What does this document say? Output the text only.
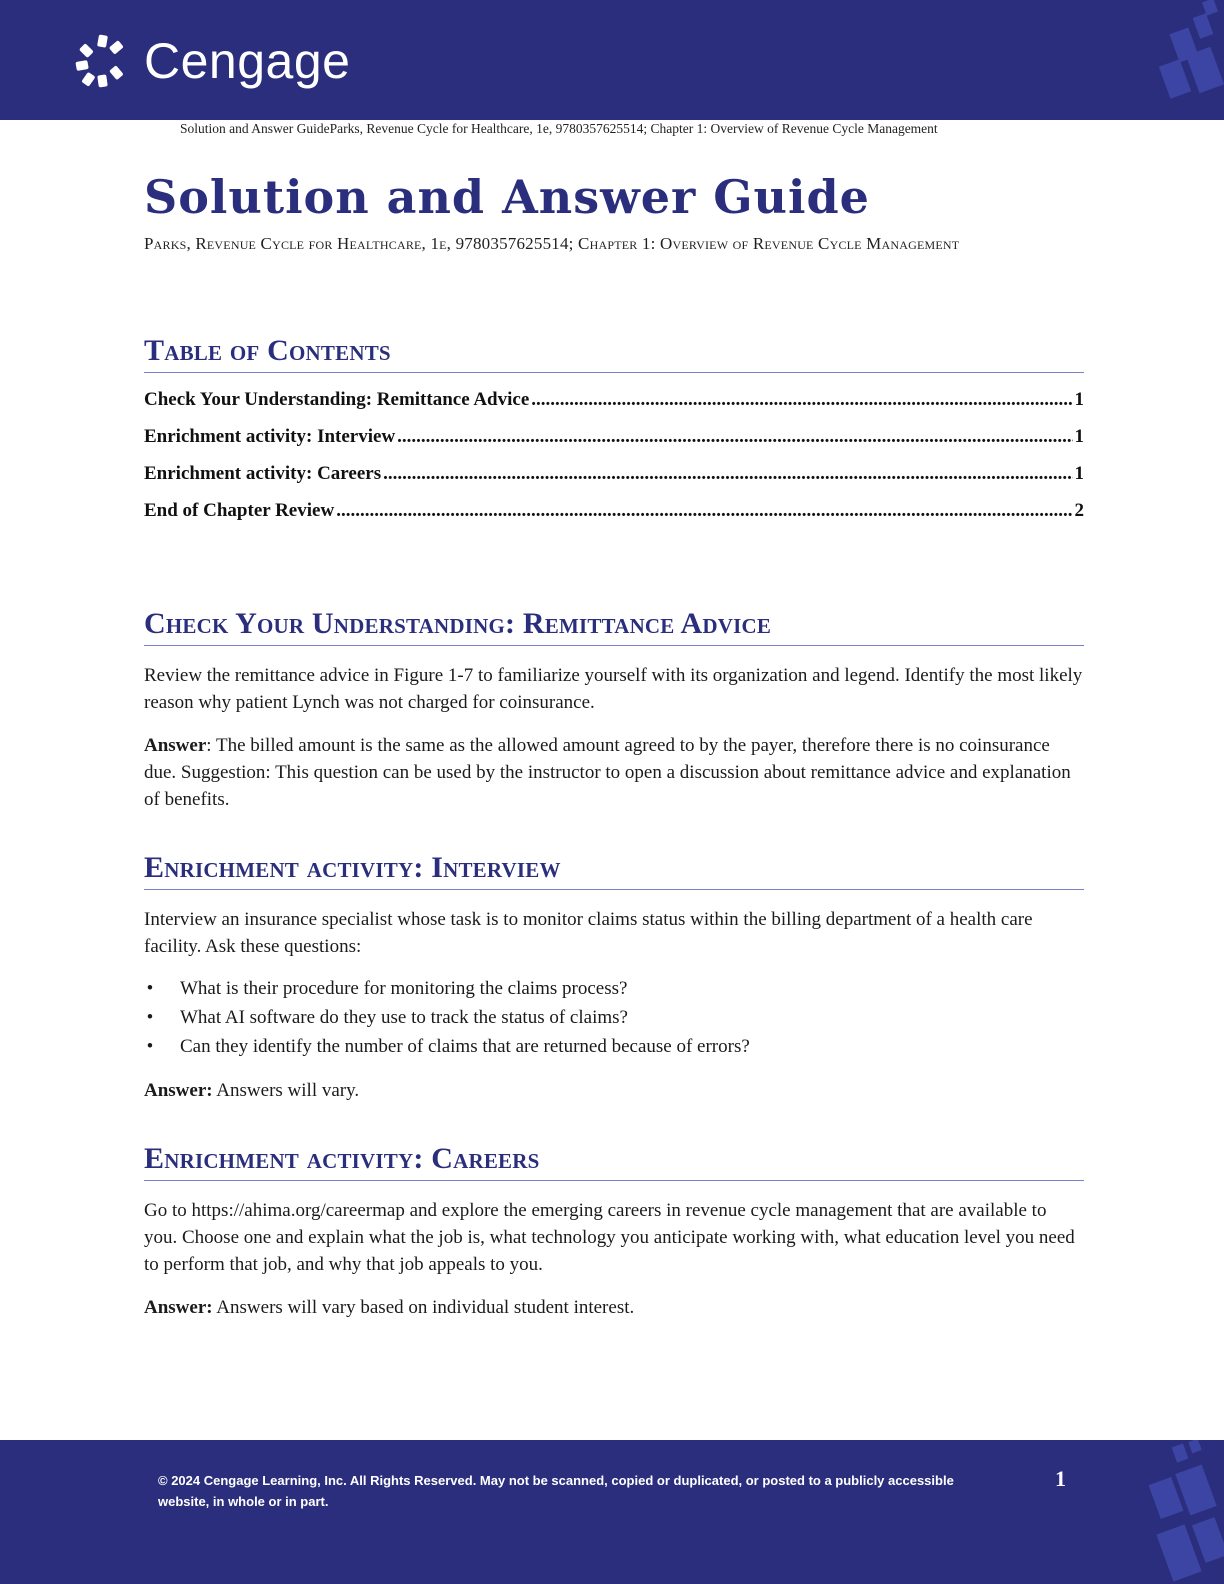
Cengage
Solution and Answer GuideParks, Revenue Cycle for Healthcare, 1e, 9780357625514; Chapter 1: Overview of Revenue Cycle Management
Solution and Answer Guide
Parks, Revenue Cycle for Healthcare, 1e, 9780357625514; Chapter 1: Overview of Revenue Cycle Management
Table of Contents
Check Your Understanding: Remittance Advice .....	1
Enrichment activity: Interview .....	1
Enrichment activity: Careers .....	1
End of Chapter Review .....	2
Check Your Understanding: Remittance Advice

Review the remittance advice in Figure 1-7 to familiarize yourself with its organization and legend. Identify the most likely reason why patient Lynch was not charged for coinsurance.

Answer: The billed amount is the same as the allowed amount agreed to by the payer, therefore there is no coinsurance due. Suggestion: This question can be used by the instructor to open a discussion about remittance advice and explanation of benefits.

Enrichment activity: Interview

Interview an insurance specialist whose task is to monitor claims status within the billing department of a health care facility. Ask these questions:

• What is their procedure for monitoring the claims process?
• What AI software do they use to track the status of claims?
• Can they identify the number of claims that are returned because of errors?

Answer: Answers will vary.

Enrichment activity: Careers

Go to https://ahima.org/careermap and explore the emerging careers in revenue cycle management that are available to you. Choose one and explain what the job is, what technology you anticipate working with, what education level you need to perform that job, and why that job appeals to you.

Answer: Answers will vary based on individual student interest.

© 2024 Cengage Learning, Inc. All Rights Reserved. May not be scanned, copied or duplicated, or posted to a publicly accessible website, in whole or in part.
1
